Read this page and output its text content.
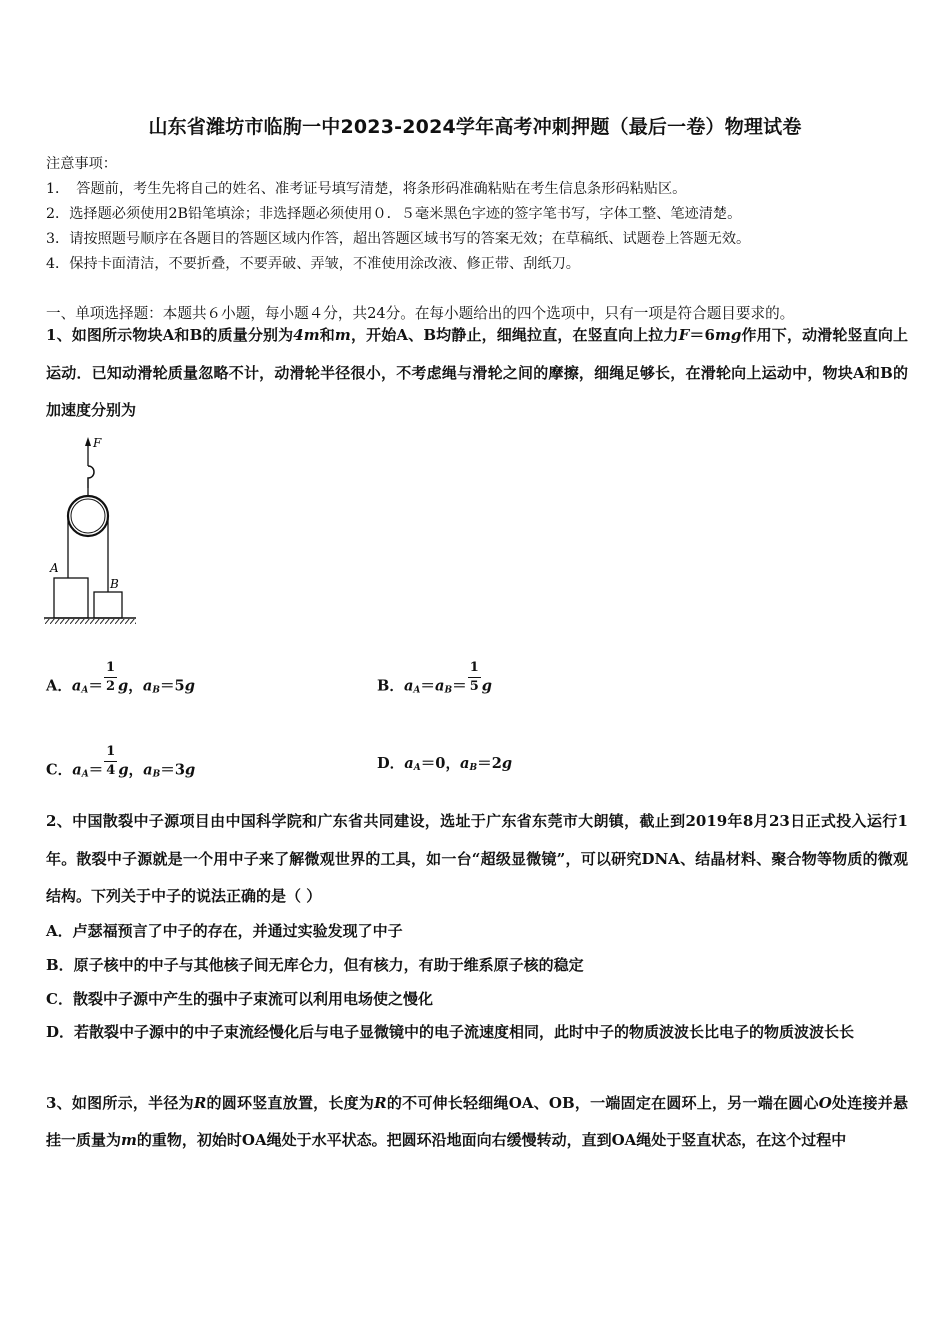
山东省潍坊市临朐一中2023-2024学年高考冲刺押题（最后一卷）物理试卷
注意事项：
1．　答题前，考生先将自己的姓名、准考证号填写清楚，将条形码准确粘贴在考生信息条形码粘贴区。
2．选择题必须使用2B铅笔填涂；非选择题必须使用０．５毫米黑色字迹的签字笔书写，字体工整、笔迹清楚。
3．请按照题号顺序在各题目的答题区域内作答，超出答题区域书写的答案无效；在草稿纸、试题卷上答题无效。
4．保持卡面清洁，不要折叠，不要弄破、弄皱，不准使用涂改液、修正带、刮纸刀。
一、单项选择题：本题共６小题，每小题４分，共24分。在每小题给出的四个选项中，只有一项是符合题目要求的。
1、如图所示物块A和B的质量分别为4m和m，开始A、B均静止，细绳拉直，在竖直向上拉力F＝6mg作用下，动滑轮竖直向上运动．已知动滑轮质量忽略不计，动滑轮半径很小，不考虑绳与滑轮之间的摩擦，细绳足够长，在滑轮向上运动中，物块A和B的加速度分别为
F
A
B
A．$a_A= \frac{1}{2}$ g，$a_B=5g$	B．$a_A=a_B= \frac{1}{5}$ g
C．$a_A= \frac{1}{4}$ g，$a_B=3g$	D．$a_A=0$，$a_B=2g$
2、中国散裂中子源项目由中国科学院和广东省共同建设，选址于广东省东莞市大朗镇，截止到2019年8月23日正式投入运行1年。散裂中子源就是一个用中子来了解微观世界的工具，如一台“超级显微镜”，可以研究DNA、结晶材料、聚合物等物质的微观结构。下列关于中子的说法正确的是（ ）
A．卢瑟福预言了中子的存在，并通过实验发现了中子
B．原子核中的中子与其他核子间无库仑力，但有核力，有助于维系原子核的稳定
C．散裂中子源中产生的强中子束流可以利用电场使之慢化
D．若散裂中子源中的中子束流经慢化后与电子显微镜中的电子流速度相同，此时中子的物质波波长比电子的物质波波长长
3、如图所示，半径为R的圆环竖直放置，长度为R的不可伸长轻细绳OA、OB，一端固定在圆环上，另一端在圆心O处连接并悬挂一质量为m的重物，初始时OA绳处于水平状态。把圆环沿地面向右缓慢转动，直到OA绳处于竖直状态，在这个过程中
